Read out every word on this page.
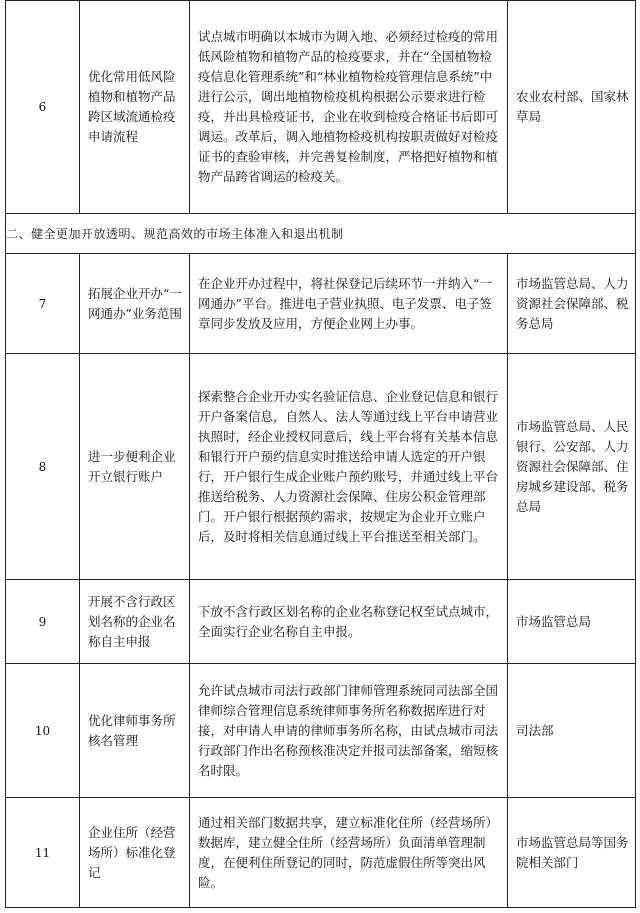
6	优化常用低风险植物和植物产品跨区域流通检疫申请流程	试点城市明确以本城市为调入地、必须经过检疫的常用低风险植物和植物产品的检疫要求，并在“全国植物检疫信息化管理系统”和“林业植物检疫管理信息系统”中进行公示，调出地植物检疫机构根据公示要求进行检疫，并出具检疫证书，企业在收到检疫合格证书后即可调运。改革后，调入地植物检疫机构按职责做好对检疫证书的查验审核，并完善复检制度，严格把好植物和植物产品跨省调运的检疫关。	农业农村部、国家林草局

二、健全更加开放透明、规范高效的市场主体准入和退出机制			
7	拓展企业开办“一网通办”业务范围	在企业开办过程中，将社保登记后续环节一并纳入“一网通办”平台。推进电子营业执照、电子发票、电子签章同步发放及应用，方便企业网上办事。	市场监管总局、人力资源社会保障部、税务总局

8	进一步便利企业开立银行账户	探索整合企业开办实名验证信息、企业登记信息和银行开户备案信息，自然人、法人等通过线上平台申请营业执照时，经企业授权同意后，线上平台将有关基本信息和银行开户预约信息实时推送给申请人选定的开户银行，开户银行生成企业账户预约账号，并通过线上平台推送给税务、人力资源社会保障、住房公积金管理部门。开户银行根据预约需求，按规定为企业开立账户后，及时将相关信息通过线上平台推送至相关部门。	市场监管总局、人民银行、公安部、人力资源社会保障部、住房城乡建设部、税务总局

9	开展不含行政区划名称的企业名称自主申报	下放不含行政区划名称的企业名称登记权至试点城市，全面实行企业名称自主申报。	市场监管总局

10	优化律师事务所核名管理	允许试点城市司法行政部门律师管理系统同司法部全国律师综合管理信息系统律师事务所名称数据库进行对接，对申请人申请的律师事务所名称，由试点城市司法行政部门作出名称预核准决定并报司法部备案，缩短核名时限。	司法部

11	企业住所（经营场所）标准化登记	通过相关部门数据共享，建立标准化住所（经营场所）数据库，建立健全住所（经营场所）负面清单管理制度，在便利住所登记的同时，防范虚假住所等突出风险。	市场监管总局等国务院相关部门
